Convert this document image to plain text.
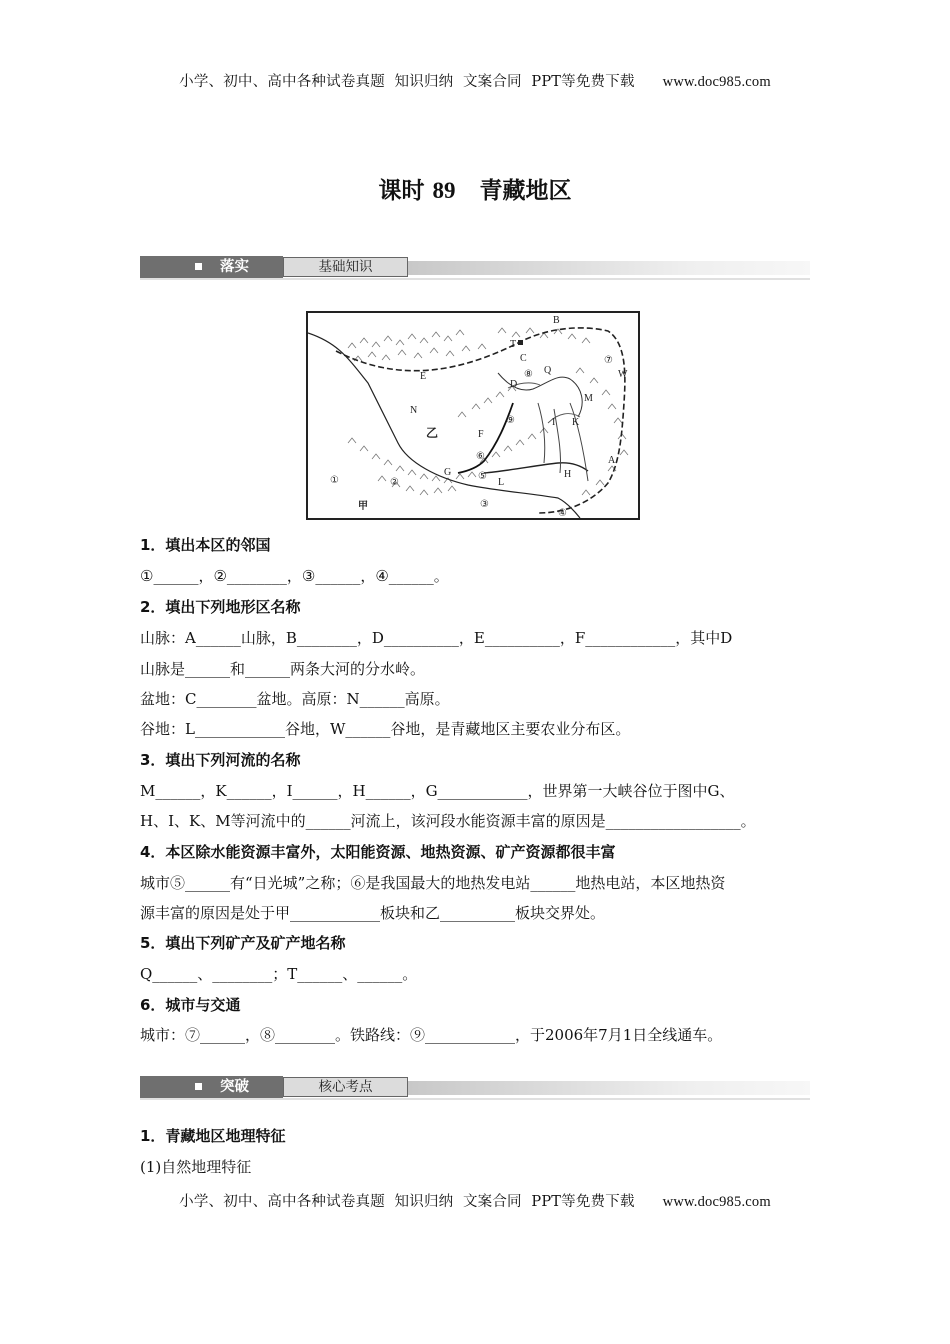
小学、初中、高中各种试卷真题  知识归纳  文案合同  PPT等免费下载 www.doc985.com
课时 89 青藏地区
落实	基础知识
B
C
D
E
F
G	H
I K
L
M
N
Q
T
W
A
①	②
③
④
⑤
⑥
⑦
⑧
⑨
甲
乙
1．填出本区的邻国
①______，②________，③______，④______。
2．填出下列地形区名称
山脉：A______山脉，B________，D__________，E__________，F____________，其中D
山脉是______和______两条大河的分水岭。
盆地：C________盆地。高原：N______高原。
谷地：L____________谷地，W______谷地，是青藏地区主要农业分布区。
3．填出下列河流的名称
M______，K______，I______，H______，G____________，世界第一大峡谷位于图中G、
H、I、K、M等河流中的______河流上，该河段水能资源丰富的原因是__________________。
4．本区除水能资源丰富外，太阳能资源、地热资源、矿产资源都很丰富
城市⑤______有“日光城”之称；⑥是我国最大的地热发电站______地热电站，本区地热资
源丰富的原因是处于甲____________板块和乙__________板块交界处。
5．填出下列矿产及矿产地名称
Q______、________；T______、______。
6．城市与交通
城市：⑦______，⑧________。铁路线：⑨____________，于2006年7月1日全线通车。
突破	核心考点
1．青藏地区地理特征
(1)自然地理特征
小学、初中、高中各种试卷真题  知识归纳  文案合同  PPT等免费下载 www.doc985.com
